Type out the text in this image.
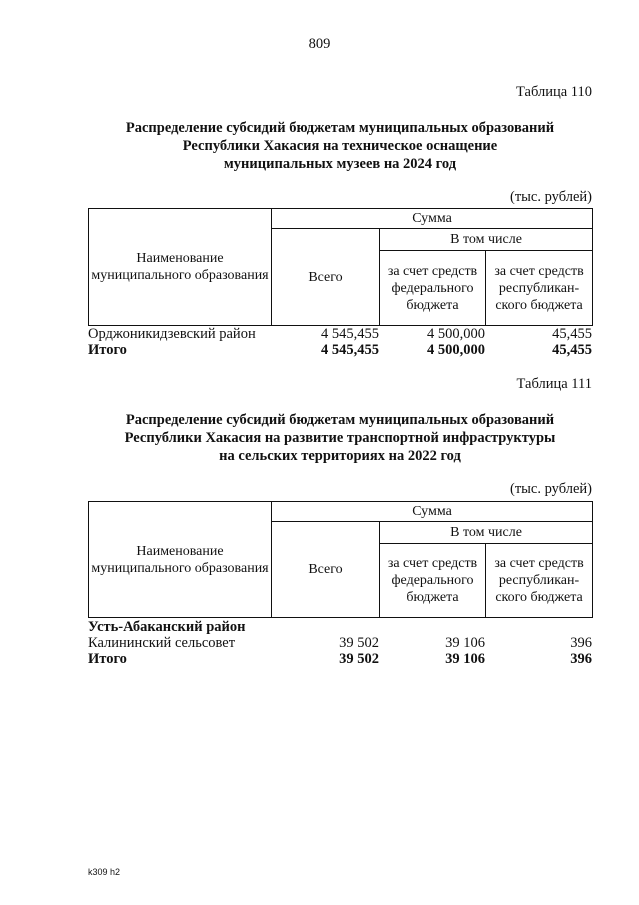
809
Таблица 110
Распределение субсидий бюджетам муниципальных образований
Республики Хакасия на техническое оснащение
муниципальных музеев на 2024 год
(тыс. рублей)
Наименование муниципального образования	Сумма		
	Всего	В том числе	
		за счет средств федерального бюджета	за счет средств республикан-ского бюджета
Орджоникидзевский район	4 545,455	4 500,000	45,455
Итого	4 545,455	4 500,000	45,455
Таблица 111
Распределение субсидий бюджетам муниципальных образований
Республики Хакасия на развитие транспортной инфраструктуры
на сельских территориях на 2022 год
(тыс. рублей)
Наименование муниципального образования	Сумма		
	Всего	В том числе	
		за счет средств федерального бюджета	за счет средств республикан-ского бюджета
Усть-Абаканский район
Калининский сельсовет	39 502	39 106	396
Итого	39 502	39 106	396
k309 h2
